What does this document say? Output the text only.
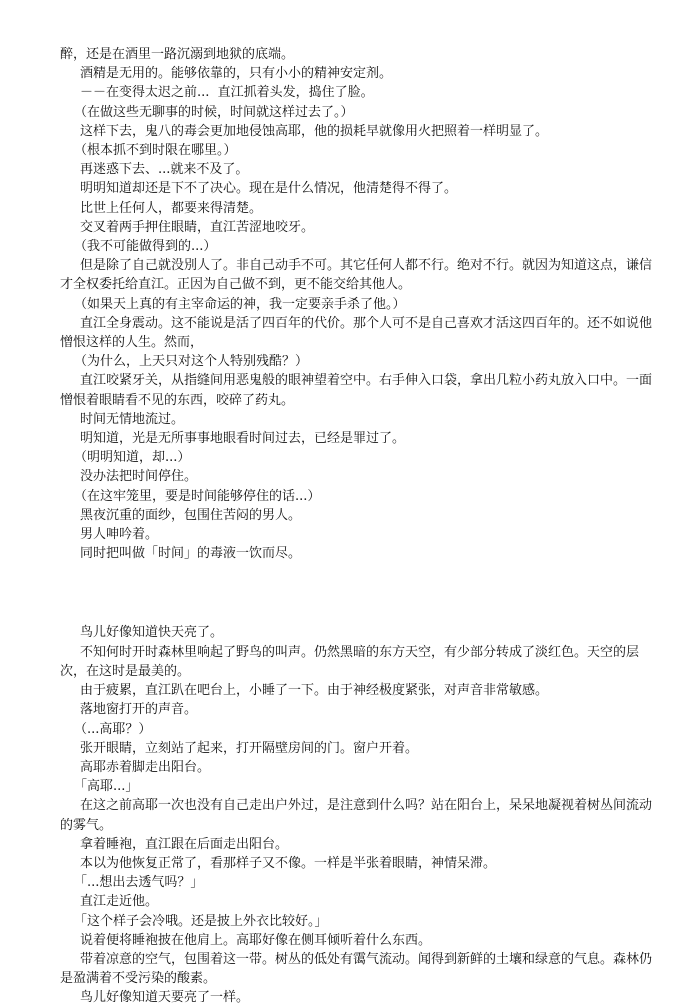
醉，还是在酒里一路沉溺到地狱的底端。

酒精是无用的。能够依靠的，只有小小的精神安定剂。

－－在变得太迟之前...  直江抓着头发，捣住了脸。

（在做这些无聊事的时候，时间就这样过去了。）

这样下去，鬼八的毒会更加地侵蚀高耶，他的损耗早就像用火把照着一样明显了。

（根本抓不到时限在哪里。）

再迷惑下去、...就来不及了。

明明知道却还是下不了决心。现在是什么情况，他清楚得不得了。

比世上任何人，都要来得清楚。

交叉着两手押住眼睛，直江苦涩地咬牙。

（我不可能做得到的...）

但是除了自己就没別人了。非自己动手不可。其它任何人都不行。绝对不行。就因为知道这点，谦信才全权委托给直江。正因为自己做不到，更不能交给其他人。

（如果天上真的有主宰命运的神，我一定要亲手杀了他。）

直江全身震动。这不能说是活了四百年的代价。那个人可不是自己喜欢才活这四百年的。还不如说他憎恨这样的人生。然而，

（为什么，上天只对这个人特别残酷？）

直江咬紧牙关，从指缝间用恶鬼般的眼神望着空中。右手伸入口袋，拿出几粒小药丸放入口中。一面憎恨着眼睛看不见的东西，咬碎了药丸。

时间无情地流过。

明知道，光是无所事事地眼看时间过去，已经是罪过了。

（明明知道，却...）

没办法把时间停住。

（在这牢笼里，要是时间能够停住的话...）

黑夜沉重的面纱，包围住苦闷的男人。

男人呻吟着。

同时把叫做「时间」的毒液一饮而尽。

鸟儿好像知道快天亮了。

不知何时开时森林里响起了野鸟的叫声。仍然黑暗的东方天空，有少部分转成了淡红色。天空的层次，在这时是最美的。

由于疲累，直江趴在吧台上，小睡了一下。由于神经极度紧张，对声音非常敏感。

落地窗打开的声音。

（...高耶？）

张开眼睛，立刻站了起来，打开隔壁房间的门。窗户开着。

高耶赤着脚走出阳台。

「高耶...」

在这之前高耶一次也没有自己走出户外过，是注意到什么吗？站在阳台上，呆呆地凝视着树丛间流动的雾气。

拿着睡袍，直江跟在后面走出阳台。

本以为他恢复正常了，看那样子又不像。一样是半张着眼睛，神情呆滞。

「...想出去透气吗？」

直江走近他。

「这个样子会冷哦。还是披上外衣比较好。」

说着便将睡袍披在他肩上。高耶好像在侧耳倾听着什么东西。

带着凉意的空气，包围着这一带。树丛的低处有霭气流动。闻得到新鲜的土壤和绿意的气息。森林仍是盈满着不受污染的酸素。

鸟儿好像知道天要亮了一样。
